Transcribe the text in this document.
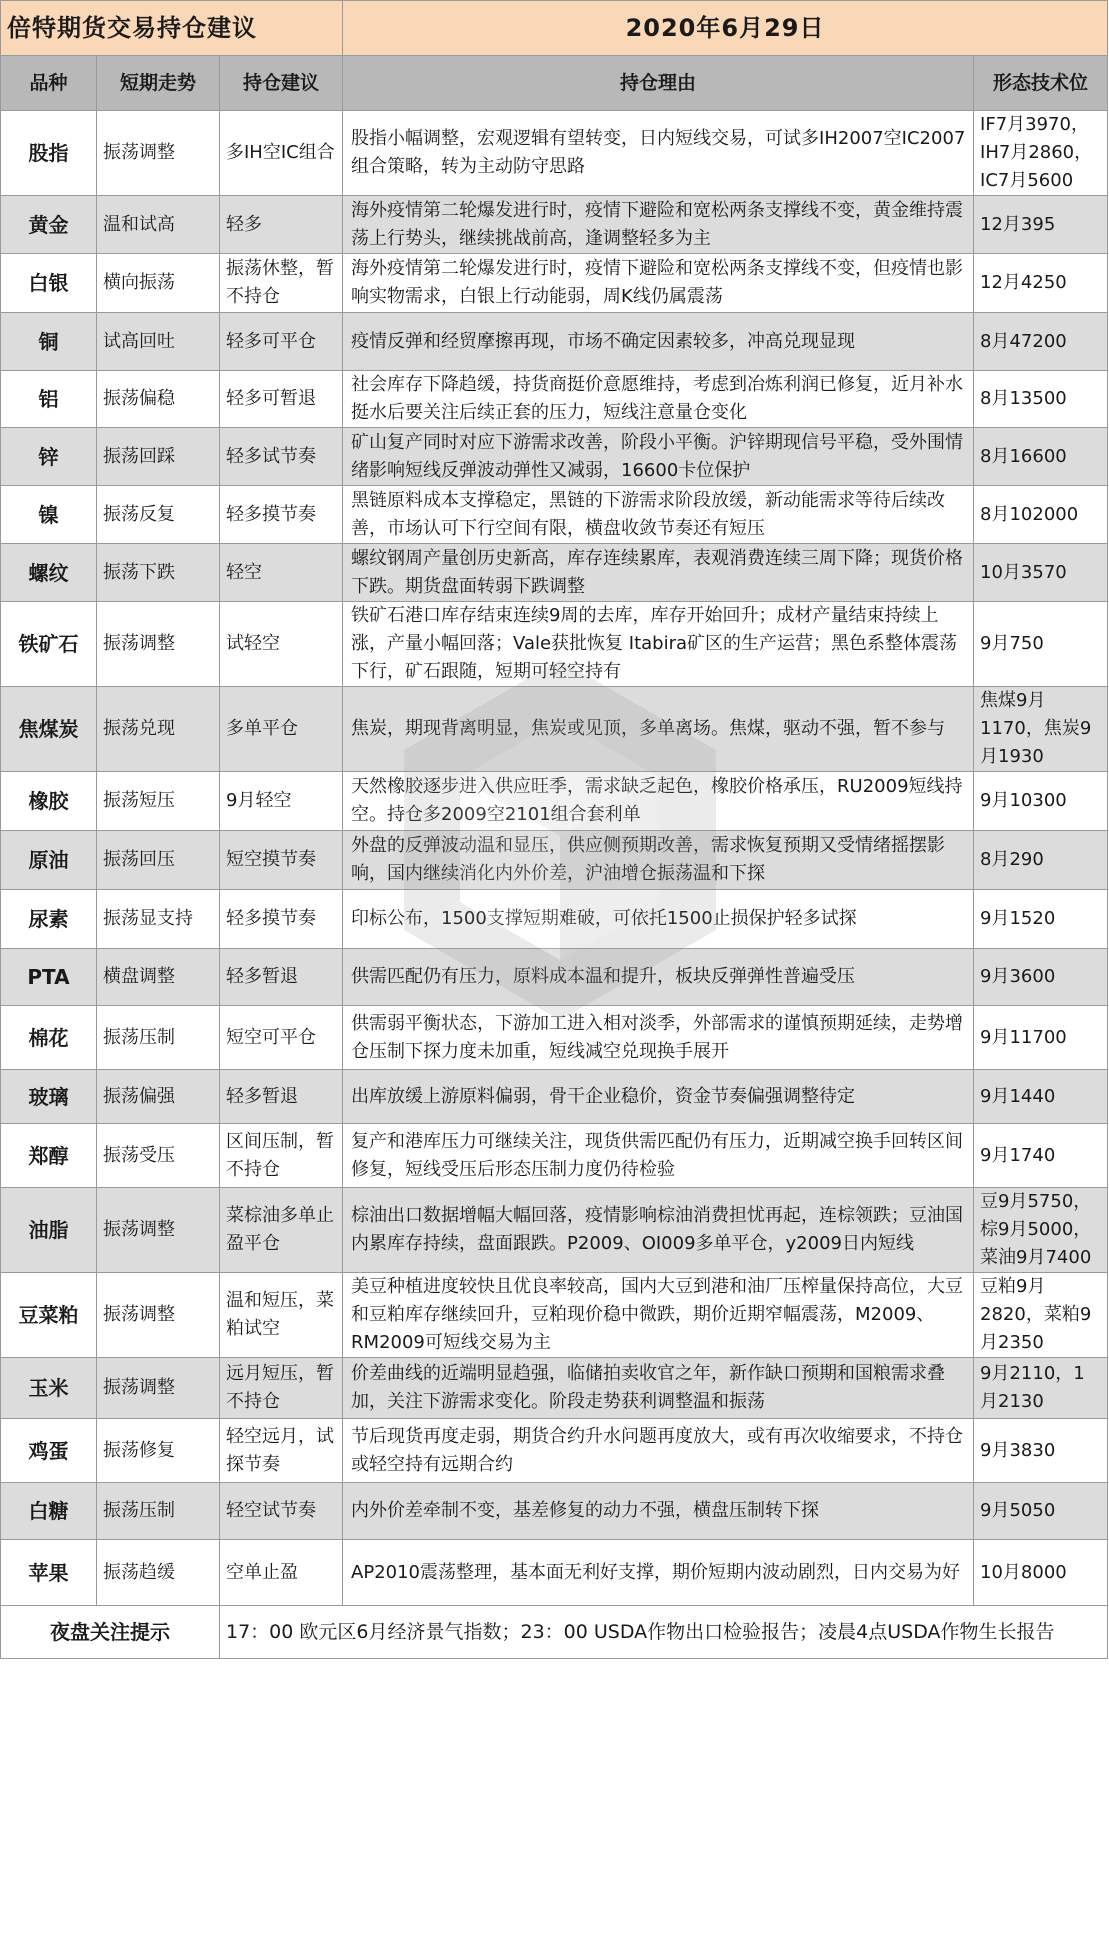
倍特期货交易持仓建议			2020年6月29日	
品种	短期走势	持仓建议	持仓理由	形态技术位
股指	振荡调整	多IH空IC组合	股指小幅调整，宏观逻辑有望转变，日内短线交易，可试多IH2007空IC2007组合策略，转为主动防守思路	IF7月3970，IH7月2860，IC7月5600
黄金	温和试高	轻多	海外疫情第二轮爆发进行时，疫情下避险和宽松两条支撑线不变，黄金维持震荡上行势头，继续挑战前高，逢调整轻多为主	12月395
白银	横向振荡	振荡休整，暂不持仓	海外疫情第二轮爆发进行时，疫情下避险和宽松两条支撑线不变，但疫情也影响实物需求，白银上行动能弱，周K线仍属震荡	12月4250
铜	试高回吐	轻多可平仓	疫情反弹和经贸摩擦再现，市场不确定因素较多，冲高兑现显现	8月47200
铝	振荡偏稳	轻多可暂退	社会库存下降趋缓，持货商挺价意愿维持，考虑到冶炼利润已修复，近月补水挺水后要关注后续正套的压力，短线注意量仓变化	8月13500
锌	振荡回踩	轻多试节奏	矿山复产同时对应下游需求改善，阶段小平衡。沪锌期现信号平稳，受外围情绪影响短线反弹波动弹性又减弱，16600卡位保护	8月16600
镍	振荡反复	轻多摸节奏	黑链原料成本支撑稳定，黑链的下游需求阶段放缓，新动能需求等待后续改善，市场认可下行空间有限，横盘收敛节奏还有短压	8月102000
螺纹	振荡下跌	轻空	螺纹钢周产量创历史新高，库存连续累库，表观消费连续三周下降；现货价格下跌。期货盘面转弱下跌调整	10月3570
铁矿石	振荡调整	试轻空	铁矿石港口库存结束连续9周的去库，库存开始回升；成材产量结束持续上涨，产量小幅回落；Vale获批恢复 Itabira矿区的生产运营；黑色系整体震荡下行，矿石跟随，短期可轻空持有	9月750
焦煤炭	振荡兑现	多单平仓	焦炭，期现背离明显，焦炭或见顶，多单离场。焦煤，驱动不强，暂不参与	焦煤9月1170，焦炭9月1930
橡胶	振荡短压	9月轻空	天然橡胶逐步进入供应旺季，需求缺乏起色，橡胶价格承压，RU2009短线持空。持仓多2009空2101组合套利单	9月10300
原油	振荡回压	短空摸节奏	外盘的反弹波动温和显压，供应侧预期改善，需求恢复预期又受情绪摇摆影响，国内继续消化内外价差，沪油增仓振荡温和下探	8月290
尿素	振荡显支持	轻多摸节奏	印标公布，1500支撑短期难破，可依托1500止损保护轻多试探	9月1520
PTA	横盘调整	轻多暂退	供需匹配仍有压力，原料成本温和提升，板块反弹弹性普遍受压	9月3600
棉花	振荡压制	短空可平仓	供需弱平衡状态，下游加工进入相对淡季，外部需求的谨慎预期延续，走势增仓压制下探力度未加重，短线减空兑现换手展开	9月11700
玻璃	振荡偏强	轻多暂退	出库放缓上游原料偏弱，骨干企业稳价，资金节奏偏强调整待定	9月1440
郑醇	振荡受压	区间压制，暂不持仓	复产和港库压力可继续关注，现货供需匹配仍有压力，近期减空换手回转区间修复，短线受压后形态压制力度仍待检验	9月1740
油脂	振荡调整	菜棕油多单止盈平仓	棕油出口数据增幅大幅回落，疫情影响棕油消费担忧再起，连棕领跌；豆油国内累库存持续，盘面跟跌。P2009、OI009多单平仓，y2009日内短线	豆9月5750，棕9月5000，菜油9月7400
豆菜粕	振荡调整	温和短压，菜粕试空	美豆种植进度较快且优良率较高，国内大豆到港和油厂压榨量保持高位，大豆和豆粕库存继续回升，豆粕现价稳中微跌，期价近期窄幅震荡，M2009、RM2009可短线交易为主	豆粕9月2820，菜粕9月2350
玉米	振荡调整	远月短压，暂不持仓	价差曲线的近端明显趋强，临储拍卖收官之年，新作缺口预期和国粮需求叠加，关注下游需求变化。阶段走势获利调整温和振荡	9月2110，1月2130
鸡蛋	振荡修复	轻空远月，试探节奏	节后现货再度走弱，期货合约升水问题再度放大，或有再次收缩要求，不持仓或轻空持有远期合约	9月3830
白糖	振荡压制	轻空试节奏	内外价差牵制不变，基差修复的动力不强，横盘压制转下探	9月5050
苹果	振荡趋缓	空单止盈	AP2010震荡整理，基本面无利好支撑，期价短期内波动剧烈，日内交易为好	10月8000
夜盘关注提示		17：00 欧元区6月经济景气指数；23：00 USDA作物出口检验报告；凌晨4点USDA作物生长报告		
